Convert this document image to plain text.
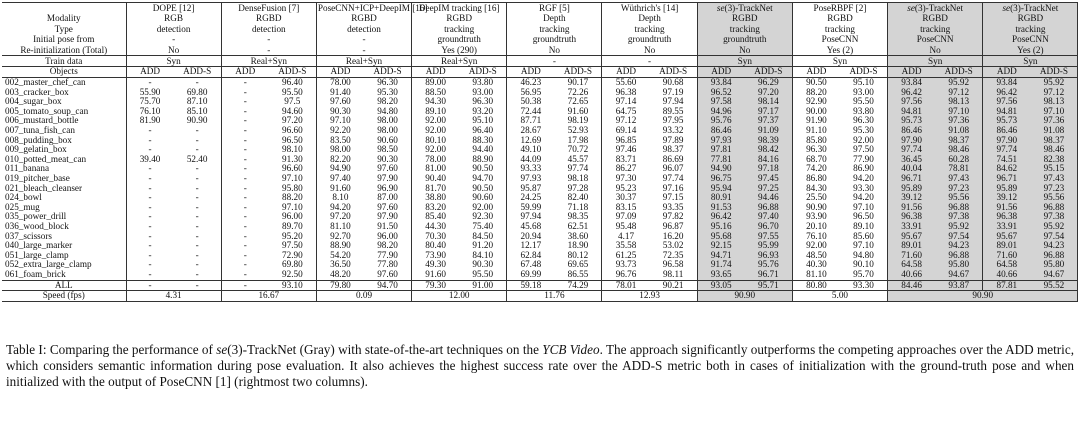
	DOPE [12]		DenseFusion [7]		PoseCNN+ICP+DeepIM [16]		DeepIM tracking [16]		RGF [5]		Wüthrich's [14]		se(3)-TrackNet		PoseRBPF [2]		se(3)-TrackNet		se(3)-TrackNet	
Modality	RGB		RGBD		RGBD		RGBD		Depth		Depth		RGBD		RGBD		RGBD		RGBD	
Type	detection		detection		detection		tracking		tracking		tracking		tracking		tracking		tracking		tracking	
Initial pose from	-		-		-		groundtruth		groundtruth		groundtruth		groundtruth		PoseCNN		PoseCNN		PoseCNN	
Re-initialization (Total)	No		-		-		Yes (290)		No		No		No		Yes (2)		No		Yes (2)	
Train data	Syn		Real+Syn		Real+Syn		Real+Syn		-		-		Syn		Syn		Syn		Syn	
Objects	ADD	ADD-S	ADD	ADD-S	ADD	ADD-S	ADD	ADD-S	ADD	ADD-S	ADD	ADD-S	ADD	ADD-S	ADD	ADD-S	ADD	ADD-S	ADD	ADD-S
002_master_chef_can	-	-	-	96.40	78.00	96.30	89.00	93.80	46.23	90.17	55.60	90.68	93.84	96.29	90.50	95.10	93.84	95.92	93.84	95.92
003_cracker_box	55.90	69.80	-	95.50	91.40	95.30	88.50	93.00	56.95	72.26	96.38	97.19	96.52	97.20	88.20	93.00	96.42	97.12	96.42	97.12
004_sugar_box	75.70	87.10	-	97.5	97.60	98.20	94.30	96.30	50.38	72.65	97.14	97.94	97.58	98.14	92.90	95.50	97.56	98.13	97.56	98.13
005_tomato_soup_can	76.10	85.10	-	94.60	90.30	94.80	89.10	93.20	72.44	91.60	64.75	89.55	94.96	97.17	90.00	93.80	94.81	97.10	94.81	97.10
006_mustard_bottle	81.90	90.90	-	97.20	97.10	98.00	92.00	95.10	87.71	98.19	97.12	97.95	95.76	97.37	91.90	96.30	95.73	97.36	95.73	97.36
007_tuna_fish_can	-	-	-	96.60	92.20	98.00	92.00	96.40	28.67	52.93	69.14	93.32	86.46	91.09	91.10	95.30	86.46	91.08	86.46	91.08
008_pudding_box	-	-	-	96.50	83.50	90.60	80.10	88.30	12.69	17.98	96.85	97.89	97.93	98.39	85.80	92.00	97.90	98.37	97.90	98.37
009_gelatin_box	-	-	-	98.10	98.00	98.50	92.00	94.40	49.10	70.72	97.46	98.37	97.81	98.42	96.30	97.50	97.74	98.46	97.74	98.46
010_potted_meat_can	39.40	52.40	-	91.30	82.20	90.30	78.00	88.90	44.09	45.57	83.71	86.69	77.81	84.16	68.70	77.90	36.45	60.28	74.51	82.38
011_banana	-	-	-	96.60	94.90	97.60	81.00	90.50	93.33	97.74	86.27	96.07	94.90	97.18	74.20	86.90	40.04	78.81	84.62	95.15
019_pitcher_base	-	-	-	97.10	97.40	97.90	90.40	94.70	97.93	98.18	97.30	97.74	96.75	97.45	86.80	94.20	96.71	97.43	96.71	97.43
021_bleach_cleanser	-	-	-	95.80	91.60	96.90	81.70	90.50	95.87	97.28	95.23	97.16	95.94	97.25	84.30	93.30	95.89	97.23	95.89	97.23
024_bowl	-	-	-	88.20	8.10	87.00	38.80	90.60	24.25	82.40	30.37	97.15	80.91	94.46	25.50	94.20	39.12	95.56	39.12	95.56
025_mug	-	-	-	97.10	94.20	97.60	83.20	92.00	59.99	71.18	83.15	93.35	91.53	96.88	90.90	97.10	91.56	96.88	91.56	96.88
035_power_drill	-	-	-	96.00	97.20	97.90	85.40	92.30	97.94	98.35	97.09	97.82	96.42	97.40	93.90	96.50	96.38	97.38	96.38	97.38
036_wood_block	-	-	-	89.70	81.10	91.50	44.30	75.40	45.68	62.51	95.48	96.87	95.16	96.70	20.10	89.10	33.91	95.92	33.91	95.92
037_scissors	-	-	-	95.20	92.70	96.00	70.30	84.50	20.94	38.60	4.17	16.20	95.68	97.55	76.10	85.60	95.67	97.54	95.67	97.54
040_large_marker	-	-	-	97.50	88.90	98.20	80.40	91.20	12.17	18.90	35.58	53.02	92.15	95.99	92.00	97.10	89.01	94.23	89.01	94.23
051_large_clamp	-	-	-	72.90	54.20	77.90	73.90	84.10	62.84	80.12	61.25	72.35	94.71	96.93	48.50	94.80	71.60	96.88	71.60	96.88
052_extra_large_clamp	-	-	-	69.80	36.50	77.80	49.30	90.30	67.48	69.65	93.73	96.58	91.74	95.76	40.30	90.10	64.58	95.80	64.58	95.80
061_foam_brick	-	-	-	92.50	48.20	97.60	91.60	95.50	69.99	86.55	96.76	98.11	93.65	96.71	81.10	95.70	40.66	94.67	40.66	94.67
ALL	-	-	-	93.10	79.80	94.70	79.30	91.00	59.18	74.29	78.01	90.21	93.05	95.71	80.80	93.30	84.46	93.87	87.81	95.52
Speed (fps)	4.31		16.67		0.09		12.00		11.76		12.93		90.90		5.00		90.90			
Table I: Comparing the performance of se(3)-TrackNet (Gray) with state-of-the-art techniques on the YCB Video. The approach significantly outperforms the competing approaches over the ADD metric, which considers semantic information during pose evaluation. It also achieves the highest success rate over the ADD-S metric both in cases of initialization with the ground-truth pose and when initialized with the output of PoseCNN [1] (rightmost two columns).
